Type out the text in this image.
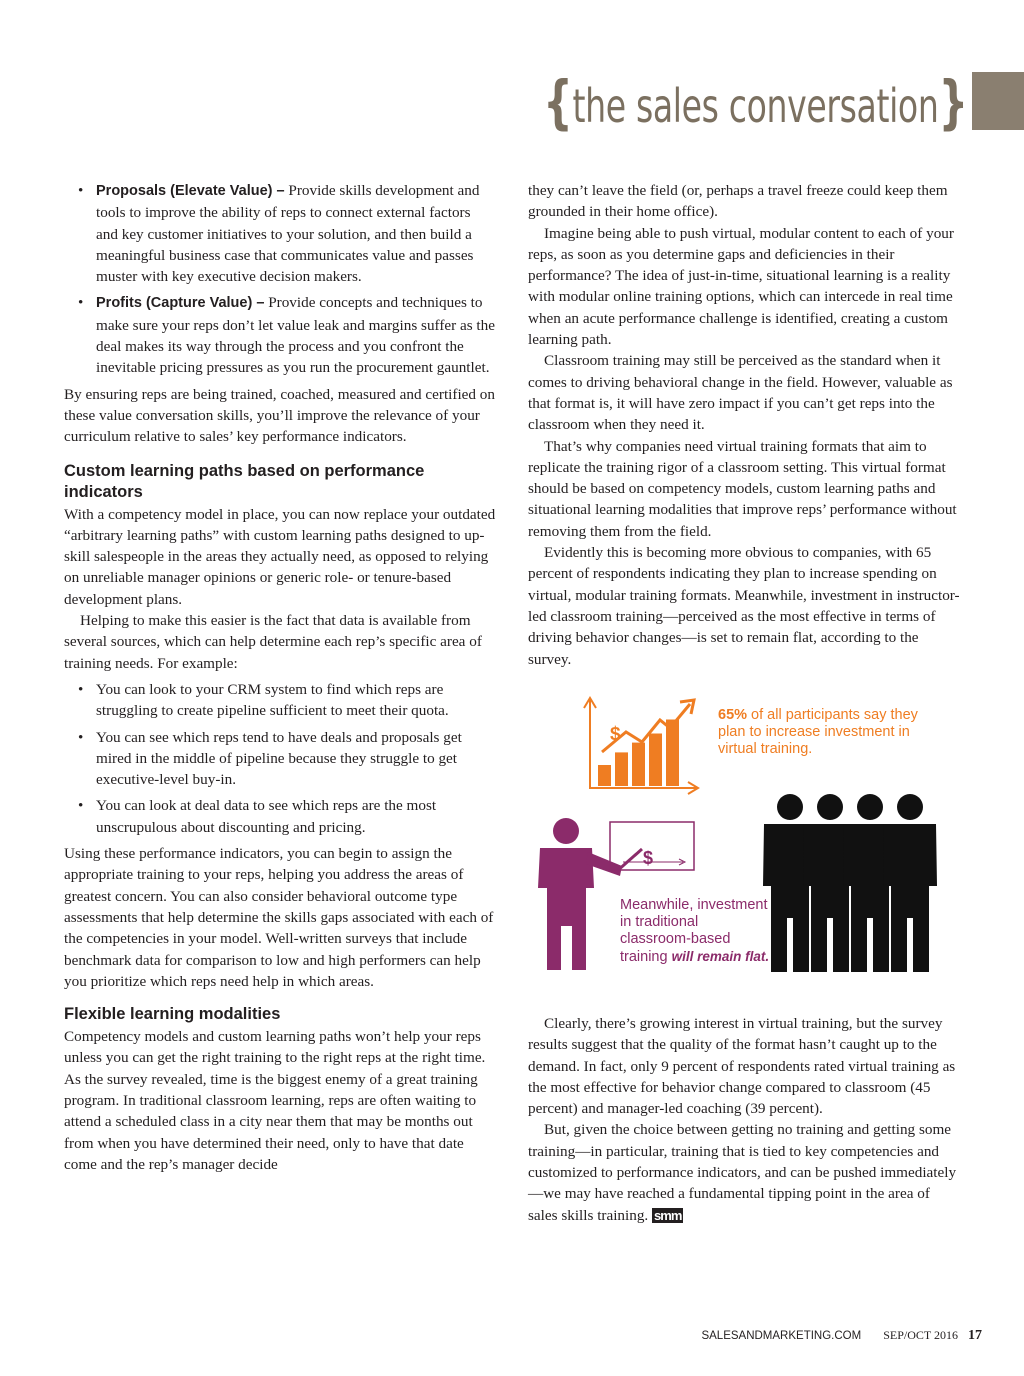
{the sales conversation}
• Proposals (Elevate Value) – Provide skills development and tools to improve the ability of reps to connect external factors and key customer initiatives to your solution, and then build a meaningful business case that communicates value and passes muster with key executive decision makers.
• Profits (Capture Value) – Provide concepts and techniques to make sure your reps don’t let value leak and margins suffer as the deal makes its way through the process and you confront the inevitable pricing pressures as you run the procurement gauntlet.

By ensuring reps are being trained, coached, measured and certified on these value conversation skills, you’ll improve the relevance of your curriculum relative to sales’ key performance indicators.

Custom learning paths based on performance indicators

With a competency model in place, you can now replace your outdated “arbitrary learning paths” with custom learning paths designed to up-skill salespeople in the areas they actually need, as opposed to relying on unreliable manager opinions or generic role- or tenure-based development plans.

Helping to make this easier is the fact that data is available from several sources, which can help determine each rep’s specific area of training needs. For example:

• You can look to your CRM system to find which reps are struggling to create pipeline sufficient to meet their quota.
• You can see which reps tend to have deals and proposals get mired in the middle of pipeline because they struggle to get executive-level buy-in.
• You can look at deal data to see which reps are the most unscrupulous about discounting and pricing.

Using these performance indicators, you can begin to assign the appropriate training to your reps, helping you address the areas of greatest concern. You can also consider behavioral outcome type assessments that help determine the skills gaps associated with each of the competencies in your model. Well-written surveys that include benchmark data for comparison to low and high performers can help you prioritize which reps need help in which areas.

Flexible learning modalities

Competency models and custom learning paths won’t help your reps unless you can get the right training to the right reps at the right time. As the survey revealed, time is the biggest enemy of a great training program. In traditional classroom learning, reps are often waiting to attend a scheduled class in a city near them that may be months out from when you have determined their need, only to have that date come and the rep’s manager decide

they can’t leave the field (or, perhaps a travel freeze could keep them grounded in their home office).

Imagine being able to push virtual, modular content to each of your reps, as soon as you determine gaps and deficiencies in their performance? The idea of just-in-time, situational learning is a reality with modular online training options, which can intercede in real time when an acute performance challenge is identified, creating a custom learning path.

Classroom training may still be perceived as the standard when it comes to driving behavioral change in the field. However, valuable as that format is, it will have zero impact if you can’t get reps into the classroom when they need it.

That’s why companies need virtual training formats that aim to replicate the training rigor of a classroom setting. This virtual format should be based on competency models, custom learning paths and situational learning modalities that improve reps’ performance without removing them from the field.

Evidently this is becoming more obvious to companies, with 65 percent of respondents indicating they plan to increase spending on virtual, modular training formats. Meanwhile, investment in instructor-led classroom training—perceived as the most effective in terms of driving behavior changes—is set to remain flat, according to the survey.

$
$
65% of all participants say they plan to increase investment in virtual training.
Meanwhile, investment in traditional classroom-based training will remain flat.

Clearly, there’s growing interest in virtual training, but the survey results suggest that the quality of the format hasn’t caught up to the demand. In fact, only 9 percent of respondents rated virtual training as the most effective for behavior change compared to classroom (45 percent) and manager-led coaching (39 percent).

But, given the choice between getting no training and getting some training—in particular, training that is tied to key competencies and customized to performance indicators, and can be pushed immediately—we may have reached a fundamental tipping point in the area of sales skills training. smm

SALESANDMARKETING.COM SEP/OCT 2016 17
